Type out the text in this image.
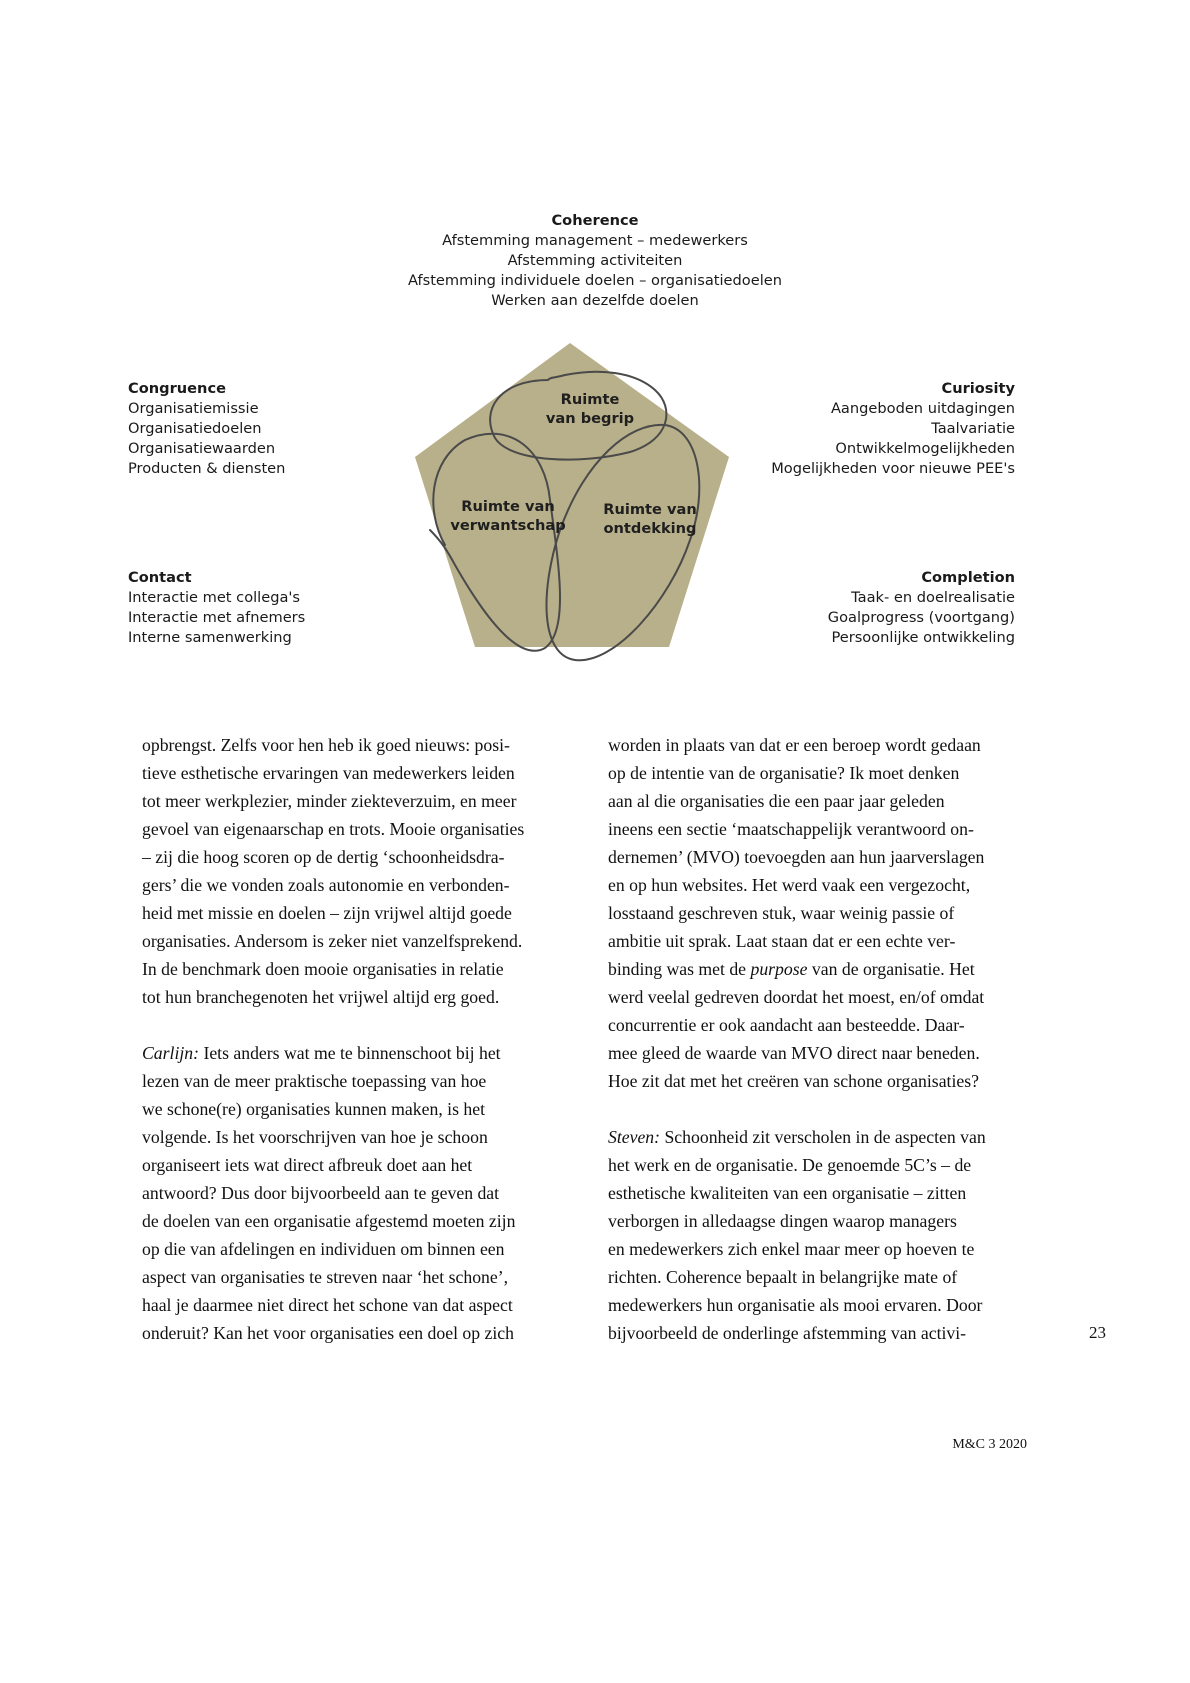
Coherence
Afstemming management – medewerkers
Afstemming activiteiten
Afstemming individuele doelen – organisatiedoelen
Werken aan dezelfde doelen
Congruence
Organisatiemissie
Organisatiedoelen
Organisatiewaarden
Producten & diensten
Curiosity
Aangeboden uitdagingen
Taalvariatie
Ontwikkelmogelijkheden
Mogelijkheden voor nieuwe PEE's
Contact
Interactie met collega's
Interactie met afnemers
Interne samenwerking
Completion
Taak- en doelrealisatie
Goalprogress (voortgang)
Persoonlijke ontwikkeling
Ruimte
van begrip
Ruimte van
verwantschap
Ruimte van
ontdekking
opbrengst. Zelfs voor hen heb ik goed nieuws: posi-
tieve esthetische ervaringen van medewerkers leiden
tot meer werkplezier, minder ziekteverzuim, en meer
gevoel van eigenaarschap en trots. Mooie organisaties
– zij die hoog scoren op de dertig ‘schoonheidsdra-
gers’ die we vonden zoals autonomie en verbonden-
heid met missie en doelen – zijn vrijwel altijd goede
organisaties. Andersom is zeker niet vanzelfsprekend.
In de benchmark doen mooie organisaties in relatie
tot hun branchegenoten het vrijwel altijd erg goed.
Carlijn: Iets anders wat me te binnenschoot bij het
lezen van de meer praktische toepassing van hoe
we schone(re) organisaties kunnen maken, is het
volgende. Is het voorschrijven van hoe je schoon
organiseert iets wat direct afbreuk doet aan het
antwoord? Dus door bijvoorbeeld aan te geven dat
de doelen van een organisatie afgestemd moeten zijn
op die van afdelingen en individuen om binnen een
aspect van organisaties te streven naar ‘het schone’,
haal je daarmee niet direct het schone van dat aspect
onderuit? Kan het voor organisaties een doel op zich
worden in plaats van dat er een beroep wordt gedaan
op de intentie van de organisatie? Ik moet denken
aan al die organisaties die een paar jaar geleden
ineens een sectie ‘maatschappelijk verantwoord on-
dernemen’ (MVO) toevoegden aan hun jaarverslagen
en op hun websites. Het werd vaak een vergezocht,
losstaand geschreven stuk, waar weinig passie of
ambitie uit sprak. Laat staan dat er een echte ver-
binding was met de purpose van de organisatie. Het
werd veelal gedreven doordat het moest, en/of omdat
concurrentie er ook aandacht aan besteedde. Daar-
mee gleed de waarde van MVO direct naar beneden.
Hoe zit dat met het creëren van schone organisaties?
Steven: Schoonheid zit verscholen in de aspecten van
het werk en de organisatie. De genoemde 5C’s – de
esthetische kwaliteiten van een organisatie – zitten
verborgen in alledaagse dingen waarop managers
en medewerkers zich enkel maar meer op hoeven te
richten. Coherence bepaalt in belangrijke mate of
medewerkers hun organisatie als mooi ervaren. Door
bijvoorbeeld de onderlinge afstemming van activi-	23
M&C 3 2020
